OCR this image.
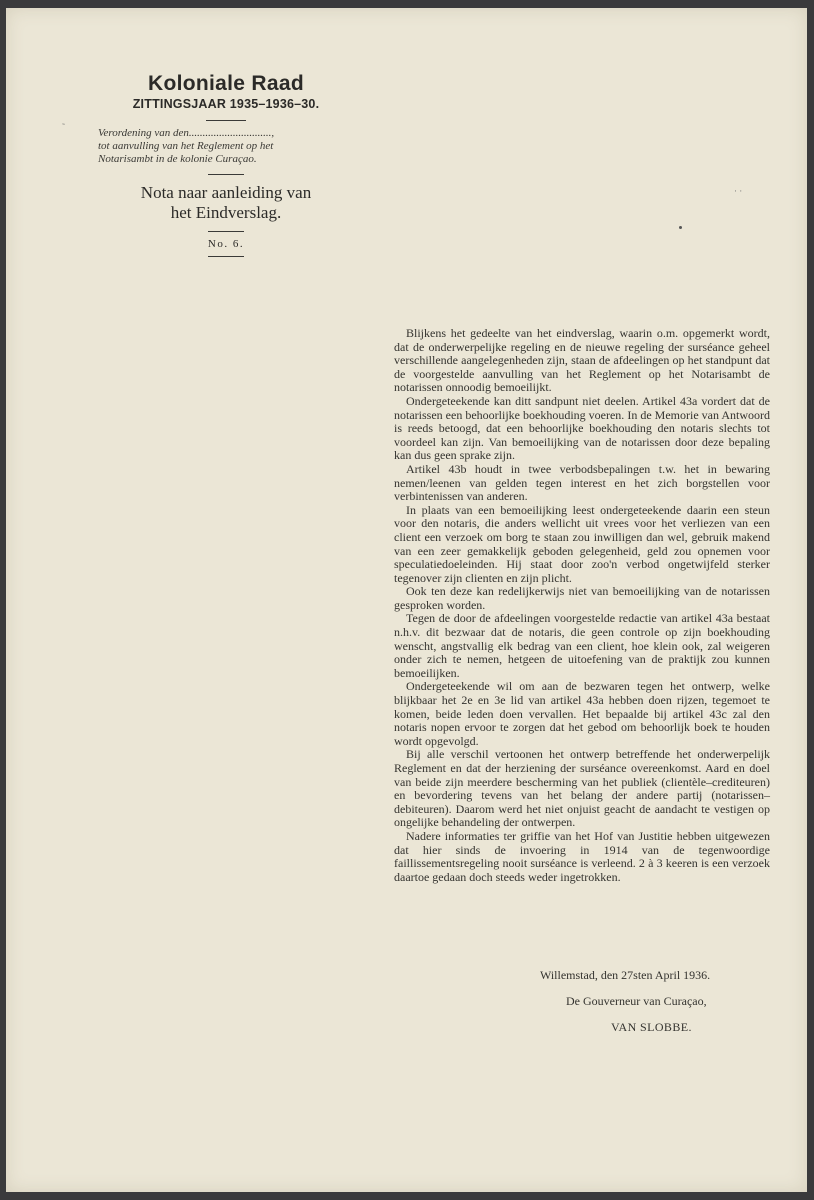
Koloniale Raad
ZITTINGSJAAR 1935–1936–30.
Verordening van den..............................,
tot aanvulling van het Reglement op het
Notarisambt in de kolonie Curaçao.
Nota naar aanleiding van
het Eindverslag.
No. 6.

Blijkens het gedeelte van het eindverslag, waarin o.m. opgemerkt wordt, dat de onderwerpelijke regeling en de nieuwe regeling der surséance geheel verschillende aangelegenheden zijn, staan de afdeelingen op het standpunt dat de voorgestelde aanvulling van het Reglement op het Notarisambt de notarissen onnoodig bemoeilijkt.

Ondergeteekende kan ditt sandpunt niet deelen. Artikel 43a vordert dat de notarissen een behoorlijke boekhouding voeren. In de Memorie van Antwoord is reeds betoogd, dat een behoorlijke boekhouding den notaris slechts tot voordeel kan zijn. Van bemoeilijking van de notarissen door deze bepaling kan dus geen sprake zijn.

Artikel 43b houdt in twee verbodsbepalingen t.w. het in bewaring nemen/leenen van gelden tegen interest en het zich borgstellen voor verbintenissen van anderen.

In plaats van een bemoeilijking leest ondergeteekende daarin een steun voor den notaris, die anders wellicht uit vrees voor het verliezen van een client een verzoek om borg te staan zou inwilligen dan wel, gebruik makend van een zeer gemakkelijk geboden gelegenheid, geld zou opnemen voor speculatiedoeleinden. Hij staat door zoo'n verbod ongetwijfeld sterker tegenover zijn clienten en zijn plicht.

Ook ten deze kan redelijkerwijs niet van bemoeilijking van de notarissen gesproken worden.

Tegen de door de afdeelingen voorgestelde redactie van artikel 43a bestaat n.h.v. dit bezwaar dat de notaris, die geen controle op zijn boekhouding wenscht, angstvallig elk bedrag van een client, hoe klein ook, zal weigeren onder zich te nemen, hetgeen de uitoefening van de praktijk zou kunnen bemoeilijken.

Ondergeteekende wil om aan de bezwaren tegen het ontwerp, welke blijkbaar het 2e en 3e lid van artikel 43a hebben doen rijzen, tegemoet te komen, beide leden doen vervallen. Het bepaalde bij artikel 43c zal den notaris nopen ervoor te zorgen dat het gebod om behoorlijk boek te houden wordt opgevolgd.

Bij alle verschil vertoonen het ontwerp betreffende het onderwerpelijk Reglement en dat der herziening der surséance overeenkomst. Aard en doel van beide zijn meerdere bescherming van het publiek (clientèle–crediteuren) en bevordering tevens van het belang der andere partij (notarissen–debiteuren). Daarom werd het niet onjuist geacht de aandacht te vestigen op ongelijke behandeling der ontwerpen.

Nadere informaties ter griffie van het Hof van Justitie hebben uitgewezen dat hier sinds de invoering in 1914 van de tegenwoordige faillissementsregeling nooit surséance is verleend. 2 à 3 keeren is een verzoek daartoe gedaan doch steeds weder ingetrokken.

Willemstad, den 27sten April 1936.
De Gouverneur van Curaçao,
VAN SLOBBE.
˜
· ·
